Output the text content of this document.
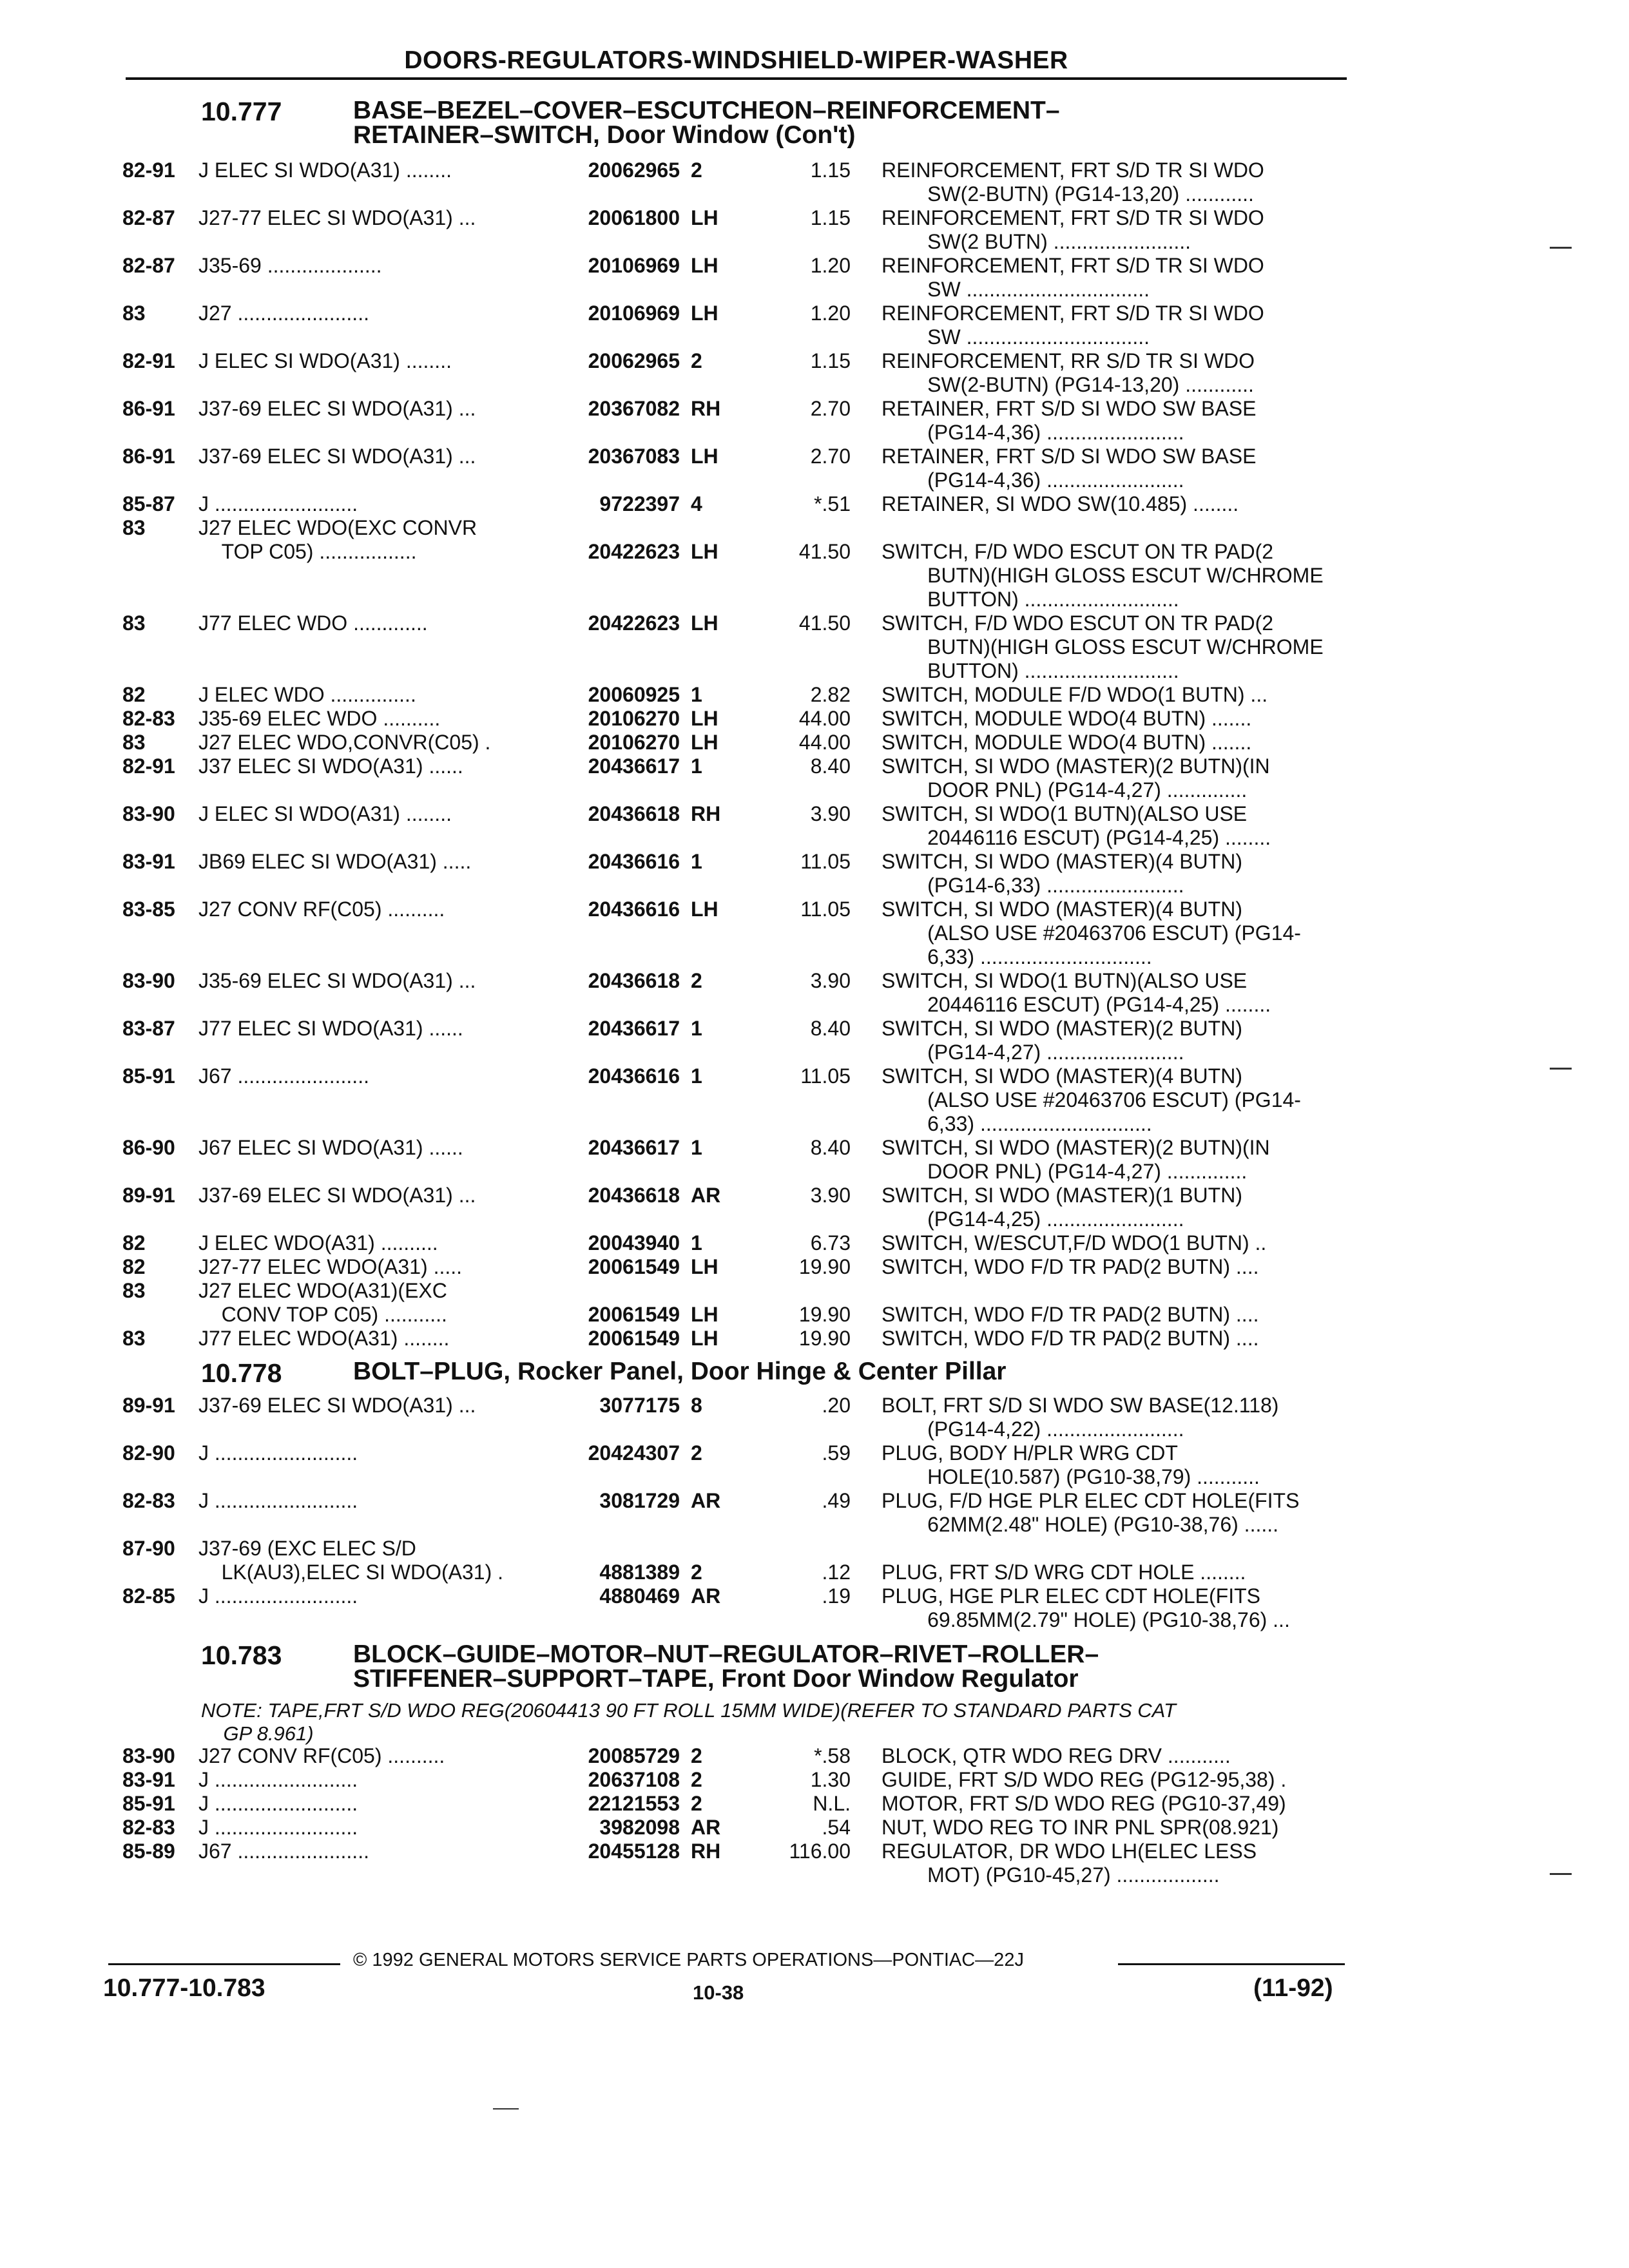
DOORS-REGULATORS-WINDSHIELD-WIPER-WASHER
10.777	BASE–BEZEL–COVER–ESCUTCHEON–REINFORCEMENT–
RETAINER–SWITCH, Door Window (Con't)
82-91 J ELEC SI WDO(A31) ........	20062965 2	1.15 REINFORCEMENT, FRT S/D TR SI WDO
SW(2-BUTN) (PG14-13,20) ............
82-87 J27-77 ELEC SI WDO(A31) ...	20061800 LH	1.15 REINFORCEMENT, FRT S/D TR SI WDO
SW(2 BUTN) ........................
82-87 J35-69 ....................	20106969 LH	1.20 REINFORCEMENT, FRT S/D TR SI WDO
SW ................................
83	J27 .......................	20106969 LH	1.20 REINFORCEMENT, FRT S/D TR SI WDO
SW ................................
82-91 J ELEC SI WDO(A31) ........	20062965 2	1.15 REINFORCEMENT, RR S/D TR SI WDO
SW(2-BUTN) (PG14-13,20) ............
86-91 J37-69 ELEC SI WDO(A31) ...	20367082 RH	2.70 RETAINER, FRT S/D SI WDO SW BASE
(PG14-4,36) ........................
86-91 J37-69 ELEC SI WDO(A31) ...	20367083 LH	2.70 RETAINER, FRT S/D SI WDO SW BASE
(PG14-4,36) ........................
85-87 J .........................	9722397 4	*.51 RETAINER, SI WDO SW(10.485) ........
83	J27 ELEC WDO(EXC CONVR
TOP C05) .................	20422623 LH	41.50 SWITCH, F/D WDO ESCUT ON TR PAD(2
BUTN)(HIGH GLOSS ESCUT W/CHROME
BUTTON) ...........................
83	J77 ELEC WDO .............	20422623 LH	41.50 SWITCH, F/D WDO ESCUT ON TR PAD(2
BUTN)(HIGH GLOSS ESCUT W/CHROME
BUTTON) ...........................
82	J ELEC WDO ...............	20060925 1	2.82 SWITCH, MODULE F/D WDO(1 BUTN) ...
82-83 J35-69 ELEC WDO ..........	20106270 LH	44.00 SWITCH, MODULE WDO(4 BUTN) .......
83	J27 ELEC WDO,CONVR(C05) .	20106270 LH	44.00 SWITCH, MODULE WDO(4 BUTN) .......
82-91 J37 ELEC SI WDO(A31) ......	20436617 1	8.40 SWITCH, SI WDO (MASTER)(2 BUTN)(IN
DOOR PNL) (PG14-4,27) ..............
83-90 J ELEC SI WDO(A31) ........	20436618 RH	3.90 SWITCH, SI WDO(1 BUTN)(ALSO USE
20446116 ESCUT) (PG14-4,25) ........
83-91 JB69 ELEC SI WDO(A31) .....	20436616 1	11.05 SWITCH, SI WDO (MASTER)(4 BUTN)
(PG14-6,33) ........................
83-85 J27 CONV RF(C05) ..........	20436616 LH	11.05 SWITCH, SI WDO (MASTER)(4 BUTN)
(ALSO USE #20463706 ESCUT) (PG14-
6,33) ..............................
83-90 J35-69 ELEC SI WDO(A31) ...	20436618 2	3.90 SWITCH, SI WDO(1 BUTN)(ALSO USE
20446116 ESCUT) (PG14-4,25) ........
83-87 J77 ELEC SI WDO(A31) ......	20436617 1	8.40 SWITCH, SI WDO (MASTER)(2 BUTN)
(PG14-4,27) ........................
85-91 J67 .......................	20436616 1	11.05 SWITCH, SI WDO (MASTER)(4 BUTN)
(ALSO USE #20463706 ESCUT) (PG14-
6,33) ..............................
86-90 J67 ELEC SI WDO(A31) ......	20436617 1	8.40 SWITCH, SI WDO (MASTER)(2 BUTN)(IN
DOOR PNL) (PG14-4,27) ..............
89-91 J37-69 ELEC SI WDO(A31) ...	20436618 AR	3.90 SWITCH, SI WDO (MASTER)(1 BUTN)
(PG14-4,25) ........................
82	J ELEC WDO(A31) ..........	20043940 1	6.73 SWITCH, W/ESCUT,F/D WDO(1 BUTN) ..
82	J27-77 ELEC WDO(A31) .....	20061549 LH	19.90 SWITCH, WDO F/D TR PAD(2 BUTN) ....
83	J27 ELEC WDO(A31)(EXC
CONV TOP C05) ...........	20061549 LH	19.90 SWITCH, WDO F/D TR PAD(2 BUTN) ....
83	J77 ELEC WDO(A31) ........	20061549 LH	19.90 SWITCH, WDO F/D TR PAD(2 BUTN) ....
10.778	BOLT–PLUG, Rocker Panel, Door Hinge & Center Pillar
89-91 J37-69 ELEC SI WDO(A31) ...	3077175 8	.20 BOLT, FRT S/D SI WDO SW BASE(12.118)
(PG14-4,22) ........................
82-90 J .........................	20424307 2	.59 PLUG, BODY H/PLR WRG CDT
HOLE(10.587) (PG10-38,79) ...........
82-83 J .........................	3081729 AR	.49 PLUG, F/D HGE PLR ELEC CDT HOLE(FITS
62MM(2.48" HOLE) (PG10-38,76) ......
87-90 J37-69 (EXC ELEC S/D
LK(AU3),ELEC SI WDO(A31) .	4881389 2	.12 PLUG, FRT S/D WRG CDT HOLE ........
82-85 J .........................	4880469 AR	.19 PLUG, HGE PLR ELEC CDT HOLE(FITS
69.85MM(2.79" HOLE) (PG10-38,76) ...
10.783	BLOCK–GUIDE–MOTOR–NUT–REGULATOR–RIVET–ROLLER–
STIFFENER–SUPPORT–TAPE, Front Door Window Regulator
NOTE: TAPE,FRT S/D WDO REG(20604413 90 FT ROLL 15MM WIDE)(REFER TO STANDARD PARTS CAT
GP 8.961)
83-90 J27 CONV RF(C05) ..........	20085729 2	*.58 BLOCK, QTR WDO REG DRV ...........
83-91 J .........................	20637108 2	1.30 GUIDE, FRT S/D WDO REG (PG12-95,38) .
85-91 J .........................	22121553 2	N.L. MOTOR, FRT S/D WDO REG (PG10-37,49)
82-83 J .........................	3982098 AR	.54 NUT, WDO REG TO INR PNL SPR(08.921)
85-89 J67 .......................	20455128 RH	116.00 REGULATOR, DR WDO LH(ELEC LESS
MOT) (PG10-45,27) ..................
© 1992 GENERAL MOTORS SERVICE PARTS OPERATIONS—PONTIAC—22J
10.777-10.783	10-38	(11-92)
